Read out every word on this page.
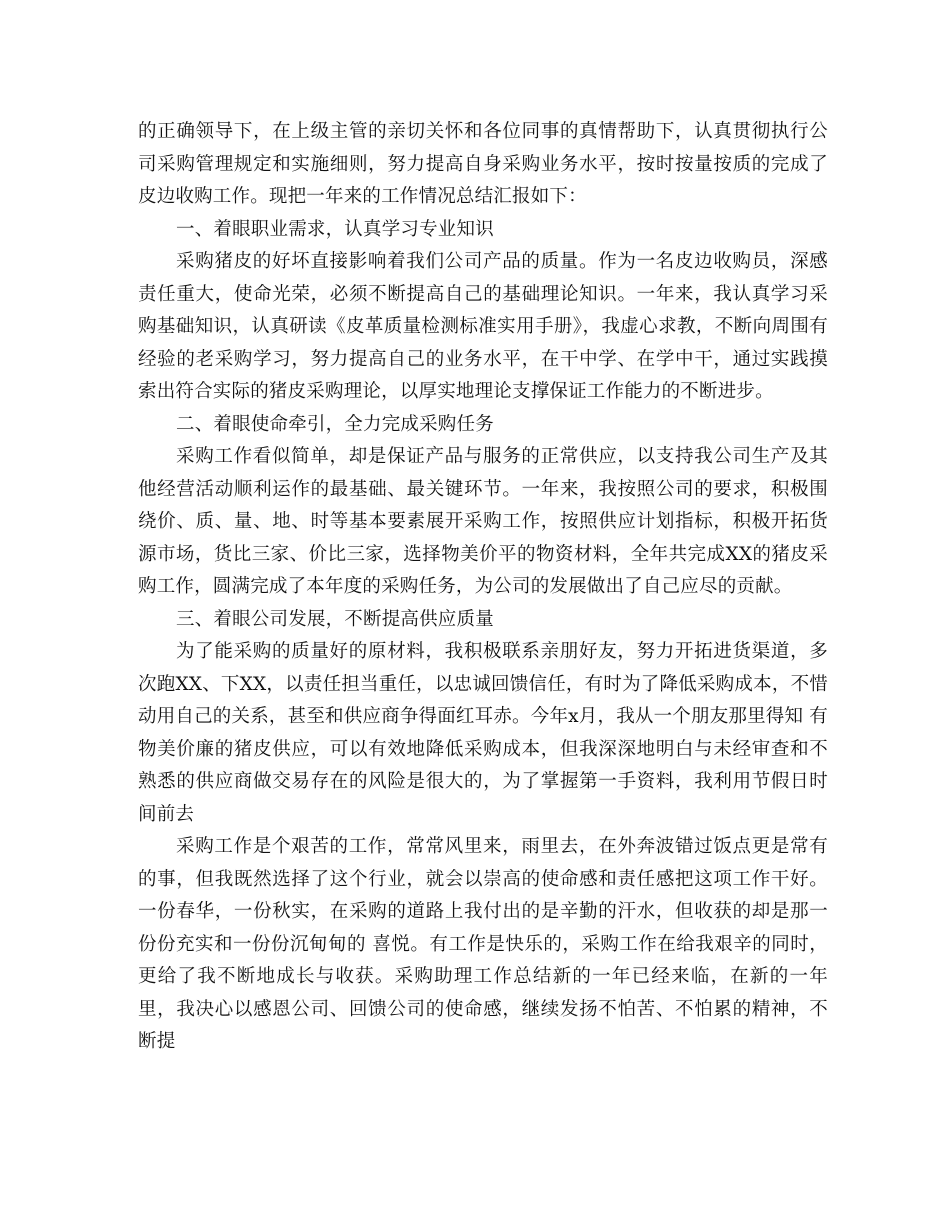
的正确领导下，在上级主管的亲切关怀和各位同事的真情帮助下，认真贯彻执行公司采购管理规定和实施细则，努力提高自身采购业务水平，按时按量按质的完成了皮边收购工作。现把一年来的工作情况总结汇报如下：

一、着眼职业需求，认真学习专业知识

采购猪皮的好坏直接影响着我们公司产品的质量。作为一名皮边收购员，深感责任重大，使命光荣，必须不断提高自己的基础理论知识。一年来，我认真学习采购基础知识，认真研读《皮革质量检测标准实用手册》，我虚心求教，不断向周围有经验的老采购学习，努力提高自己的业务水平，在干中学、在学中干，通过实践摸索出符合实际的猪皮采购理论，以厚实地理论支撑保证工作能力的不断进步。

二、着眼使命牵引，全力完成采购任务

采购工作看似简单，却是保证产品与服务的正常供应，以支持我公司生产及其他经营活动顺利运作的最基础、最关键环节。一年来，我按照公司的要求，积极围绕价、质、量、地、时等基本要素展开采购工作，按照供应计划指标，积极开拓货源市场，货比三家、价比三家，选择物美价平的物资材料，全年共完成XX的猪皮采购工作，圆满完成了本年度的采购任务，为公司的发展做出了自己应尽的贡献。

三、着眼公司发展，不断提高供应质量

为了能采购的质量好的原材料，我积极联系亲朋好友，努力开拓进货渠道，多次跑XX、下XX，以责任担当重任，以忠诚回馈信任，有时为了降低采购成本，不惜动用自己的关系，甚至和供应商争得面红耳赤。今年x月，我从一个朋友那里得知 有物美价廉的猪皮供应，可以有效地降低采购成本，但我深深地明白与未经审查和不熟悉的供应商做交易存在的风险是很大的，为了掌握第一手资料，我利用节假日时间前去

采购工作是个艰苦的工作，常常风里来，雨里去，在外奔波错过饭点更是常有的事，但我既然选择了这个行业，就会以崇高的使命感和责任感把这项工作干好。一份春华，一份秋实，在采购的道路上我付出的是辛勤的汗水，但收获的却是那一份份充实和一份份沉甸甸的 喜悦。有工作是快乐的，采购工作在给我艰辛的同时，更给了我不断地成长与收获。采购助理工作总结新的一年已经来临，在新的一年里，我决心以感恩公司、回馈公司的使命感，继续发扬不怕苦、不怕累的精神，不断提
